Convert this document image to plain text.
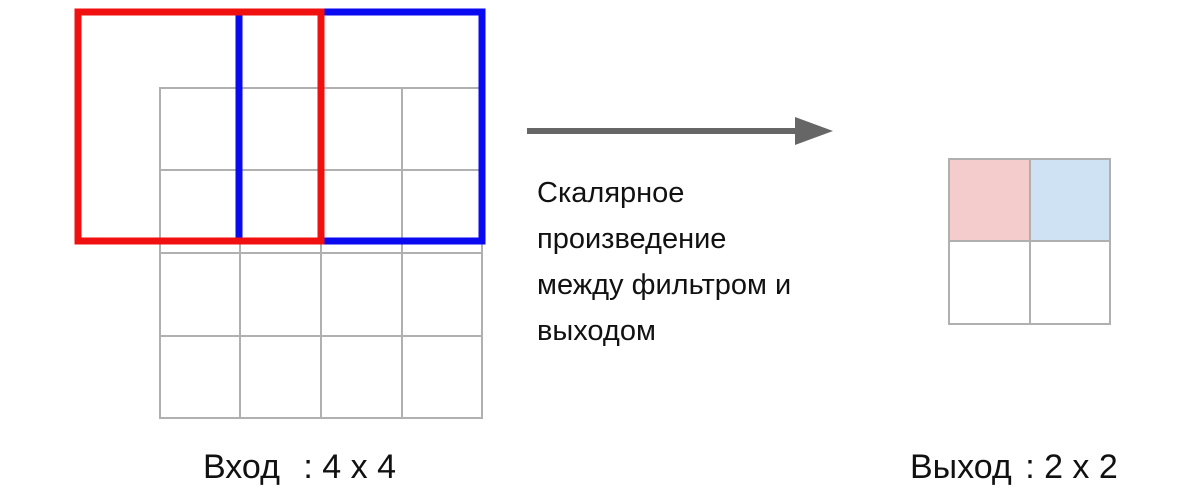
Скалярное
произведение
между фильтром и
выходом
Вход : 4 x 4	Выход : 2 x 2
